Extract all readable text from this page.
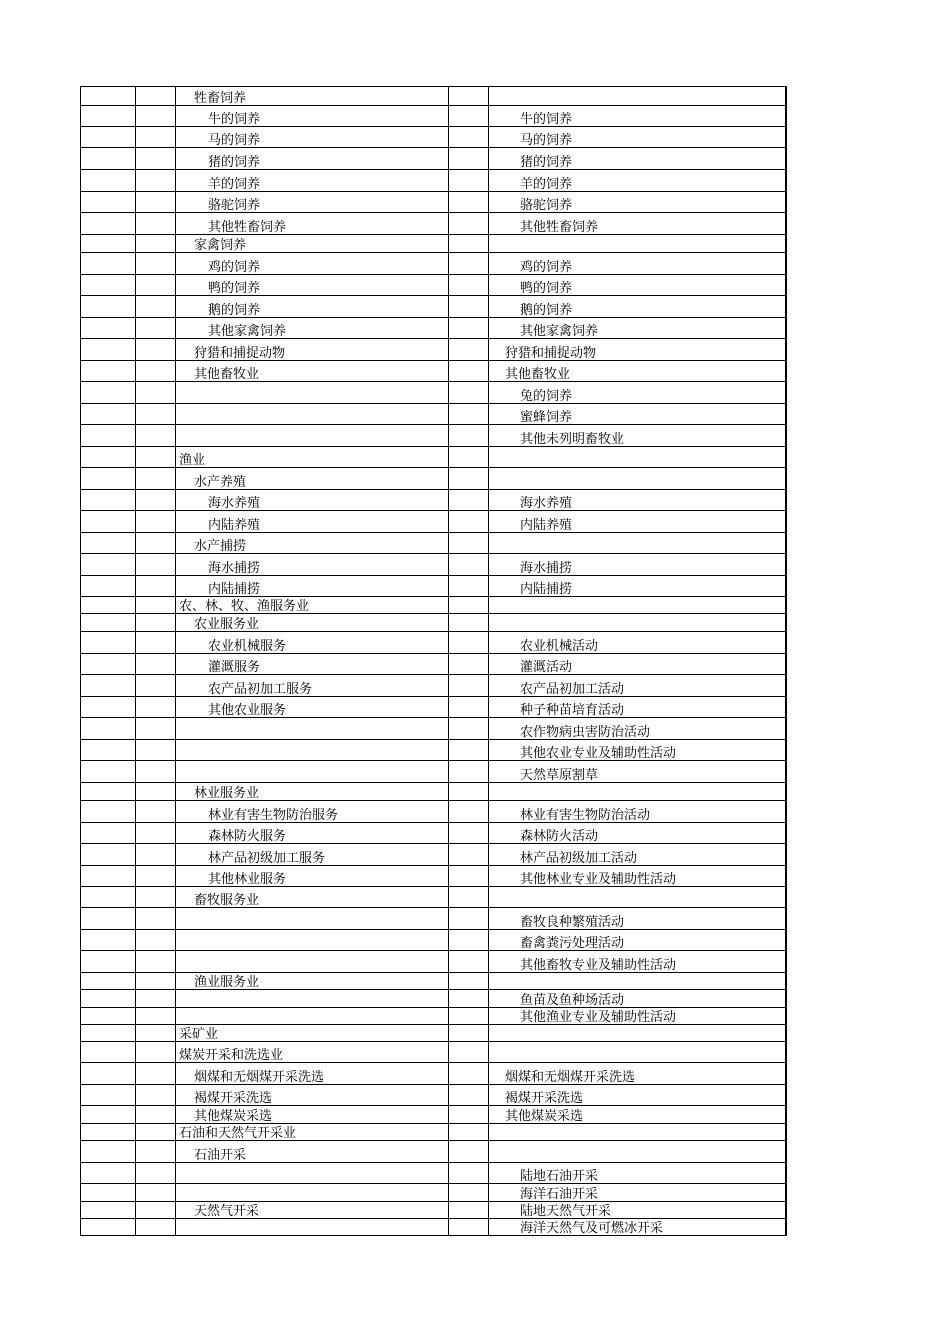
		牲畜饲养		

		牛的饲养		牛的饲养

		马的饲养		马的饲养

		猪的饲养		猪的饲养

		羊的饲养		羊的饲养

		骆驼饲养		骆驼饲养

		其他牲畜饲养		其他牲畜饲养

		家禽饲养		

		鸡的饲养		鸡的饲养

		鸭的饲养		鸭的饲养

		鹅的饲养		鹅的饲养

		其他家禽饲养		其他家禽饲养

		狩猎和捕捉动物		狩猎和捕捉动物

		其他畜牧业		其他畜牧业

				兔的饲养

				蜜蜂饲养

				其他未列明畜牧业

		渔业		

		水产养殖		

		海水养殖		海水养殖

		内陆养殖		内陆养殖

		水产捕捞		

		海水捕捞		海水捕捞

		内陆捕捞		内陆捕捞

		农、林、牧、渔服务业		

		农业服务业		

		农业机械服务		农业机械活动

		灌溉服务		灌溉活动

		农产品初加工服务		农产品初加工活动

		其他农业服务		种子种苗培育活动

				农作物病虫害防治活动

				其他农业专业及辅助性活动

				天然草原割草

		林业服务业		

		林业有害生物防治服务		林业有害生物防治活动

		森林防火服务		森林防火活动

		林产品初级加工服务		林产品初级加工活动

		其他林业服务		其他林业专业及辅助性活动

		畜牧服务业		

				畜牧良种繁殖活动

				畜禽粪污处理活动

				其他畜牧专业及辅助性活动

		渔业服务业		

				鱼苗及鱼种场活动

				其他渔业专业及辅助性活动

		采矿业		

		煤炭开采和洗选业		

		烟煤和无烟煤开采洗选		烟煤和无烟煤开采洗选

		褐煤开采洗选		褐煤开采洗选

		其他煤炭采选		其他煤炭采选

		石油和天然气开采业		

		石油开采		

				陆地石油开采

				海洋石油开采

		天然气开采		陆地天然气开采

				海洋天然气及可燃冰开采
